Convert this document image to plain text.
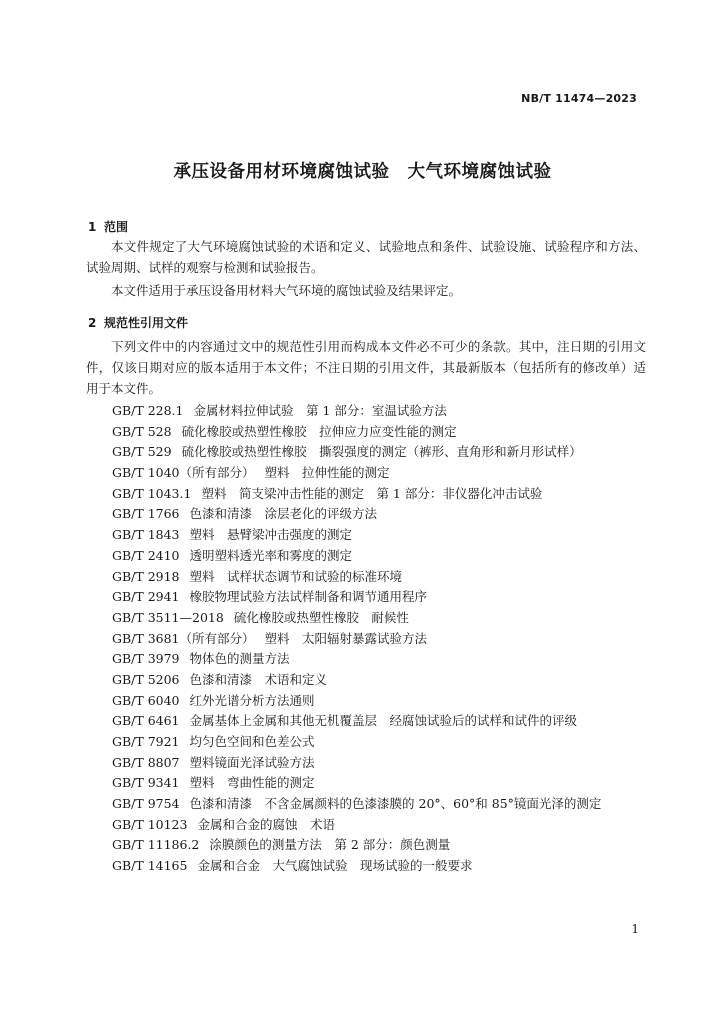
NB/T 11474—2023
承压设备用材环境腐蚀试验　大气环境腐蚀试验
1 范围
本文件规定了大气环境腐蚀试验的术语和定义、试验地点和条件、试验设施、试验程序和方法、试验周期、试样的观察与检测和试验报告。
本文件适用于承压设备用材料大气环境的腐蚀试验及结果评定。
2 规范性引用文件
下列文件中的内容通过文中的规范性引用而构成本文件必不可少的条款。其中，注日期的引用文件，仅该日期对应的版本适用于本文件；不注日期的引用文件，其最新版本（包括所有的修改单）适用于本文件。
GB/T 228.1 金属材料拉伸试验　第 1 部分：室温试验方法
GB/T 528 硫化橡胶或热塑性橡胶　拉伸应力应变性能的测定
GB/T 529 硫化橡胶或热塑性橡胶　撕裂强度的测定（裤形、直角形和新月形试样）
GB/T 1040（所有部分） 塑料　拉伸性能的测定
GB/T 1043.1 塑料　简支梁冲击性能的测定　第 1 部分：非仪器化冲击试验
GB/T 1766 色漆和清漆　涂层老化的评级方法
GB/T 1843 塑料　悬臂梁冲击强度的测定
GB/T 2410 透明塑料透光率和雾度的测定
GB/T 2918 塑料　试样状态调节和试验的标准环境
GB/T 2941 橡胶物理试验方法试样制备和调节通用程序
GB/T 3511—2018 硫化橡胶或热塑性橡胶　耐候性
GB/T 3681（所有部分） 塑料　太阳辐射暴露试验方法
GB/T 3979 物体色的测量方法
GB/T 5206 色漆和清漆　术语和定义
GB/T 6040 红外光谱分析方法通则
GB/T 6461 金属基体上金属和其他无机覆盖层　经腐蚀试验后的试样和试件的评级
GB/T 7921 均匀色空间和色差公式
GB/T 8807 塑料镜面光泽试验方法
GB/T 9341 塑料　弯曲性能的测定
GB/T 9754 色漆和清漆　不含金属颜料的色漆漆膜的 20°、60°和 85°镜面光泽的测定
GB/T 10123 金属和合金的腐蚀　术语
GB/T 11186.2 涂膜颜色的测量方法　第 2 部分：颜色测量
GB/T 14165 金属和合金　大气腐蚀试验　现场试验的一般要求
1
